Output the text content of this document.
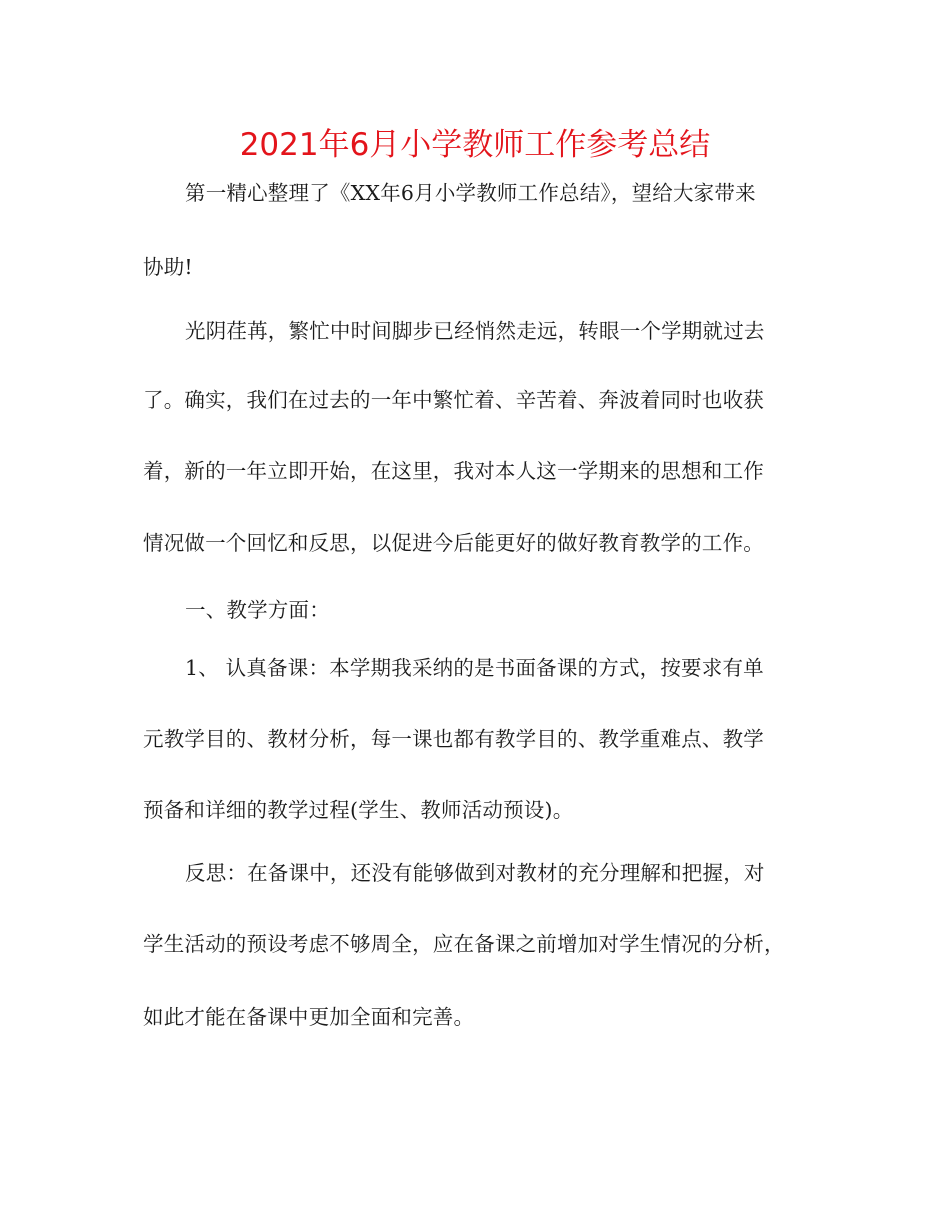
2021年6月小学教师工作参考总结
第一精心整理了《XX年6月小学教师工作总结》，望给大家带来
协助!
光阴荏苒，繁忙中时间脚步已经悄然走远，转眼一个学期就过去
了。确实，我们在过去的一年中繁忙着、辛苦着、奔波着同时也收获
着，新的一年立即开始，在这里，我对本人这一学期来的思想和工作
情况做一个回忆和反思，以促进今后能更好的做好教育教学的工作。
一、教学方面：
1、 认真备课：本学期我采纳的是书面备课的方式，按要求有单
元教学目的、教材分析，每一课也都有教学目的、教学重难点、教学
预备和详细的教学过程(学生、教师活动预设)。
反思：在备课中，还没有能够做到对教材的充分理解和把握，对
学生活动的预设考虑不够周全，应在备课之前增加对学生情况的分析，
如此才能在备课中更加全面和完善。
